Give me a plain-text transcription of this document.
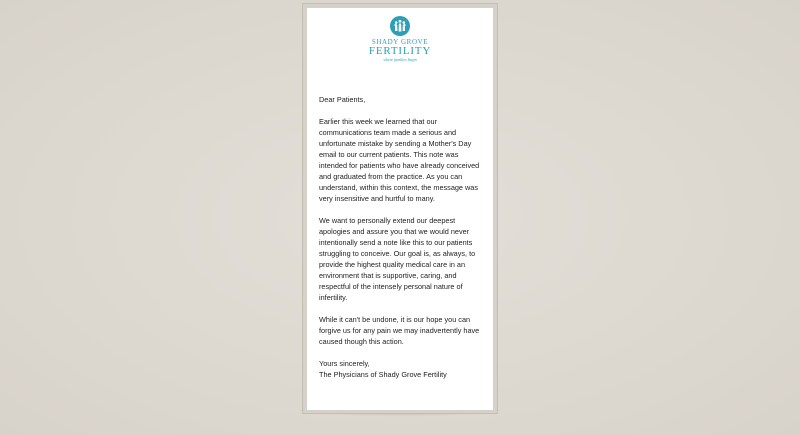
SHADY GROVE
FERTILITY
where families begin

Dear Patients,

Earlier this week we learned that our
communications team made a serious and
unfortunate mistake by sending a Mother's Day
email to our current patients. This note was
intended for patients who have already conceived
and graduated from the practice. As you can
understand, within this context, the message was
very insensitive and hurtful to many.

We want to personally extend our deepest
apologies and assure you that we would never
intentionally send a note like this to our patients
struggling to conceive. Our goal is, as always, to
provide the highest quality medical care in an
environment that is supportive, caring, and
respectful of the intensely personal nature of
infertility.

While it can't be undone, it is our hope you can
forgive us for any pain we may inadvertently have
caused though this action.

Yours sincerely,

The Physicians of Shady Grove Fertility
